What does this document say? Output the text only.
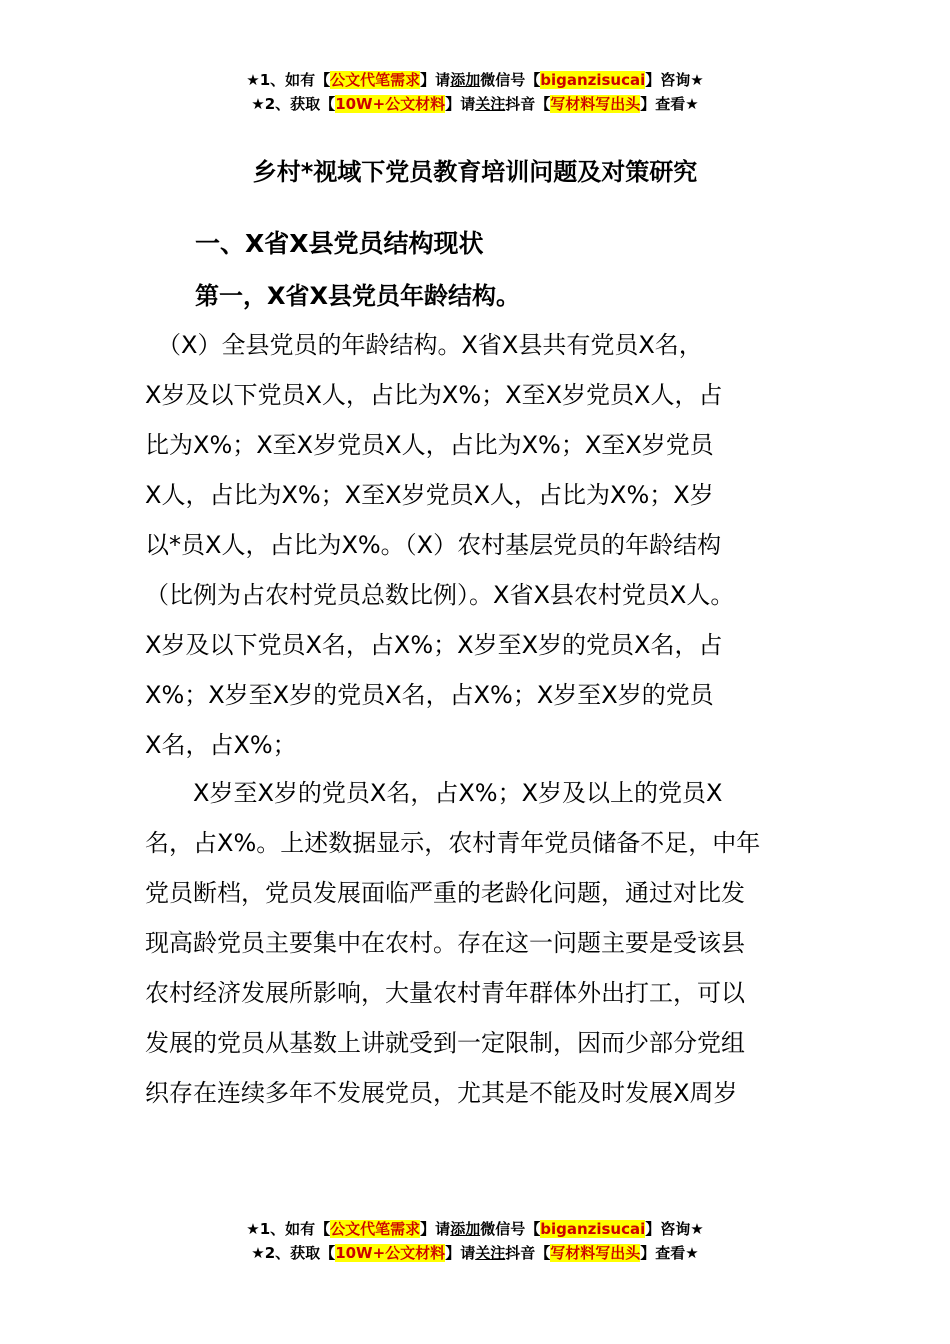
★1、如有【公文代笔需求】请添加微信号【biganzisucai】咨询★
★2、获取【10W+公文材料】请关注抖音【写材料写出头】查看★
乡村*视域下党员教育培训问题及对策研究
一、X省X县党员结构现状
第一，X省X县党员年龄结构。
　（X）全县党员的年龄结构。X省X县共有党员X名，
X岁及以下党员X人，占比为X%；X至X岁党员X人，占
比为X%；X至X岁党员X人，占比为X%；X至X岁党员
X人，占比为X%；X至X岁党员X人，占比为X%；X岁
以*员X人，占比为X%。（X）农村基层党员的年龄结构
（比例为占农村党员总数比例）。X省X县农村党员X人。
X岁及以下党员X名，占X%；X岁至X岁的党员X名，占
X%；X岁至X岁的党员X名，占X%；X岁至X岁的党员
X名，占X%；
　　X岁至X岁的党员X名，占X%；X岁及以上的党员X
名，占X%。上述数据显示，农村青年党员储备不足，中年
党员断档，党员发展面临严重的老龄化问题，通过对比发
现高龄党员主要集中在农村。存在这一问题主要是受该县
农村经济发展所影响，大量农村青年群体外出打工，可以
发展的党员从基数上讲就受到一定限制，因而少部分党组
织存在连续多年不发展党员，尤其是不能及时发展X周岁
★1、如有【公文代笔需求】请添加微信号【biganzisucai】咨询★
★2、获取【10W+公文材料】请关注抖音【写材料写出头】查看★
